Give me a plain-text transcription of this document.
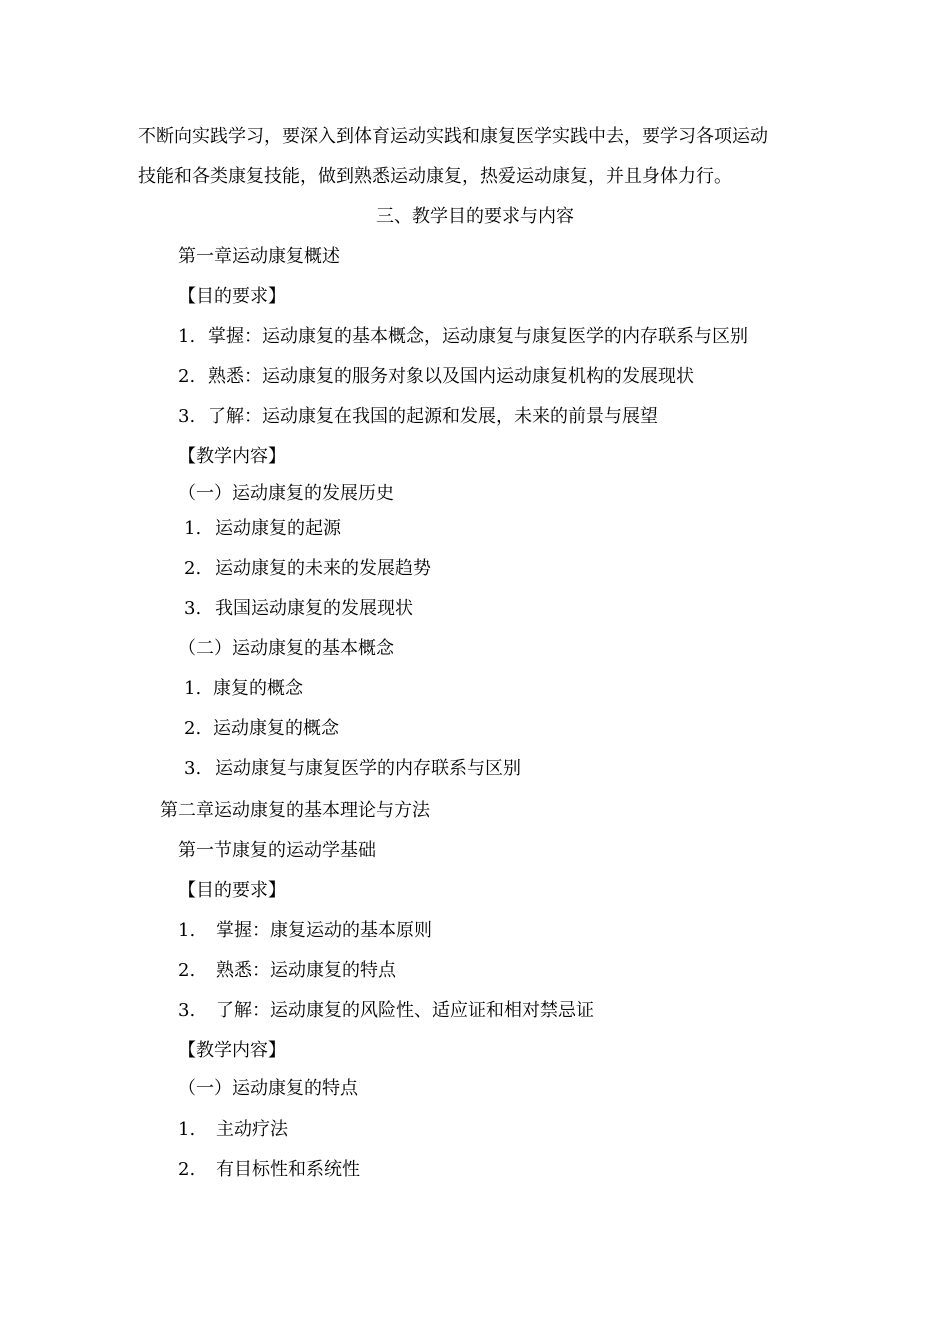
不断向实践学习，要深入到体育运动实践和康复医学实践中去，要学习各项运动
技能和各类康复技能，做到熟悉运动康复，热爱运动康复，并且身体力行。
三、教学目的要求与内容
第一章运动康复概述
【目的要求】
1. 掌握：运动康复的基本概念，运动康复与康复医学的内存联系与区别
2. 熟悉：运动康复的服务对象以及国内运动康复机构的发展现状
3. 了解：运动康复在我国的起源和发展，未来的前景与展望
【教学内容】
（一）运动康复的发展历史
1. 运动康复的起源
2. 运动康复的未来的发展趋势
3. 我国运动康复的发展现状
（二）运动康复的基本概念
1. 康复的概念
2. 运动康复的概念
3. 运动康复与康复医学的内存联系与区别
第二章运动康复的基本理论与方法
第一节康复的运动学基础
【目的要求】
1. 掌握：康复运动的基本原则
2. 熟悉：运动康复的特点
3. 了解：运动康复的风险性、适应证和相对禁忌证
【教学内容】
（一）运动康复的特点
1. 主动疗法
2. 有目标性和系统性
